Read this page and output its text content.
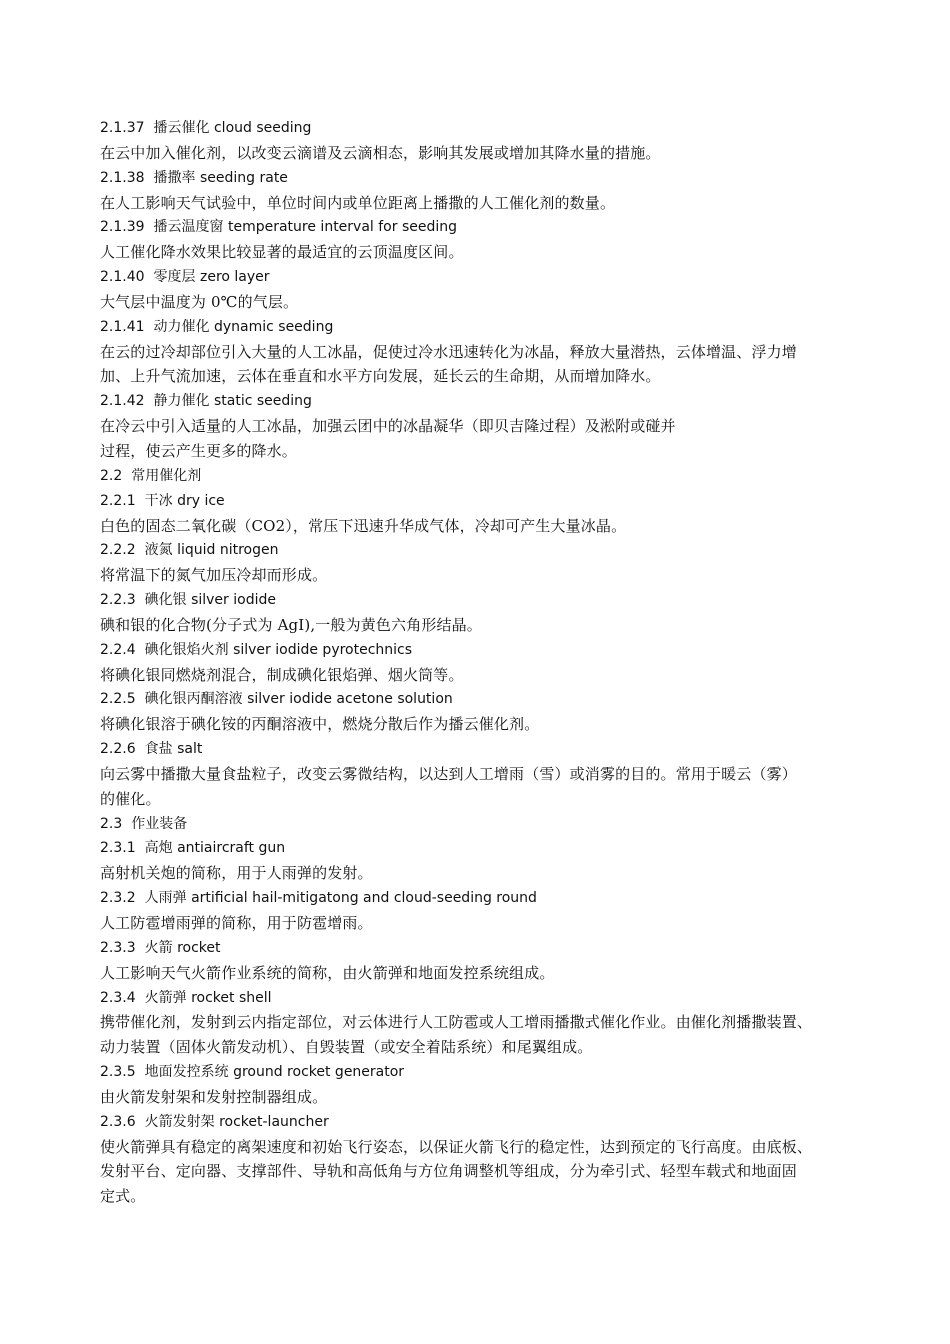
2.1.37 播云催化 cloud seeding
在云中加入催化剂，以改变云滴谱及云滴相态，影响其发展或增加其降水量的措施。
2.1.38 播撒率 seeding rate
在人工影响天气试验中，单位时间内或单位距离上播撒的人工催化剂的数量。
2.1.39 播云温度窗 temperature interval for seeding
人工催化降水效果比较显著的最适宜的云顶温度区间。
2.1.40 零度层 zero layer
大气层中温度为 0℃的气层。
2.1.41 动力催化 dynamic seeding
在云的过冷却部位引入大量的人工冰晶，促使过冷水迅速转化为冰晶，释放大量潜热，云体增温、浮力增
加、上升气流加速，云体在垂直和水平方向发展，延长云的生命期，从而增加降水。
2.1.42 静力催化 static seeding
在冷云中引入适量的人工冰晶，加强云团中的冰晶凝华（即贝吉隆过程）及淞附或碰并
过程，使云产生更多的降水。
2.2 常用催化剂
2.2.1 干冰 dry ice
白色的固态二氧化碳（CO2），常压下迅速升华成气体，冷却可产生大量冰晶。
2.2.2 液氮 liquid nitrogen
将常温下的氮气加压冷却而形成。
2.2.3 碘化银 silver iodide
碘和银的化合物(分子式为 AgI),一般为黄色六角形结晶。
2.2.4 碘化银焰火剂 silver iodide pyrotechnics
将碘化银同燃烧剂混合，制成碘化银焰弹、烟火筒等。
2.2.5 碘化银丙酮溶液 silver iodide acetone solution
将碘化银溶于碘化铵的丙酮溶液中，燃烧分散后作为播云催化剂。
2.2.6 食盐 salt
向云雾中播撒大量食盐粒子，改变云雾微结构，以达到人工增雨（雪）或消雾的目的。常用于暖云（雾）
的催化。
2.3 作业装备
2.3.1 高炮 antiaircraft gun
高射机关炮的简称，用于人雨弹的发射。
2.3.2 人雨弹 artificial hail-mitigatong and cloud-seeding round
人工防雹增雨弹的简称，用于防雹增雨。
2.3.3 火箭 rocket
人工影响天气火箭作业系统的简称，由火箭弹和地面发控系统组成。
2.3.4 火箭弹 rocket shell
携带催化剂，发射到云内指定部位，对云体进行人工防雹或人工增雨播撒式催化作业。由催化剂播撒装置、
动力装置（固体火箭发动机）、自毁装置（或安全着陆系统）和尾翼组成。
2.3.5 地面发控系统 ground rocket generator
由火箭发射架和发射控制器组成。
2.3.6 火箭发射架 rocket-launcher
使火箭弹具有稳定的离架速度和初始飞行姿态，以保证火箭飞行的稳定性，达到预定的飞行高度。由底板、
发射平台、定向器、支撑部件、导轨和高低角与方位角调整机等组成，分为牵引式、轻型车载式和地面固
定式。
